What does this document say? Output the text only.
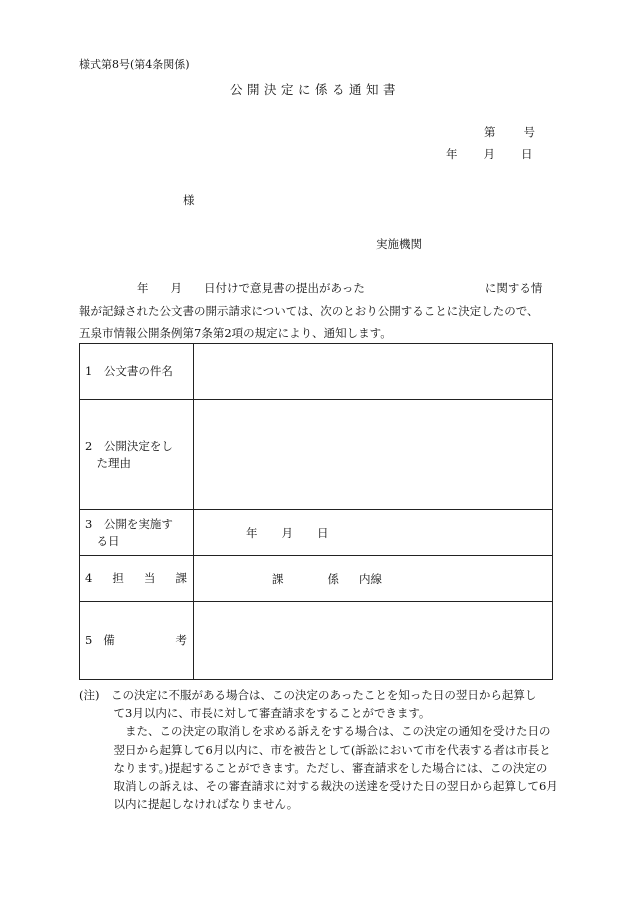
様式第8号(第4条関係)
公開決定に係る通知書
第 号
年 月 日
様
実施機関
年 月 日付けで意見書の提出があった	に関する情
報が記録された公文書の開示請求については、次のとおり公開することに決定したので、
五泉市情報公開条例第7条第2項の規定により、通知します。
1　公文書の件名	

2　公開決定をし
　た理由	

3　公開を実施す
　る日	年 月 日

4 担 当 課	課 係 内線

5 備 考	

(注)　この決定に不服がある場合は、この決定のあったことを知った日の翌日から起算し
　　　て3月以内に、市長に対して審査請求をすることができます。
　　　　また、この決定の取消しを求める訴えをする場合は、この決定の通知を受けた日の
　　　翌日から起算して6月以内に、市を被告として(訴訟において市を代表する者は市長と
　　　なります。)提起することができます。ただし、審査請求をした場合には、この決定の
　　　取消しの訴えは、その審査請求に対する裁決の送達を受けた日の翌日から起算して6月
　　　以内に提起しなければなりません。
